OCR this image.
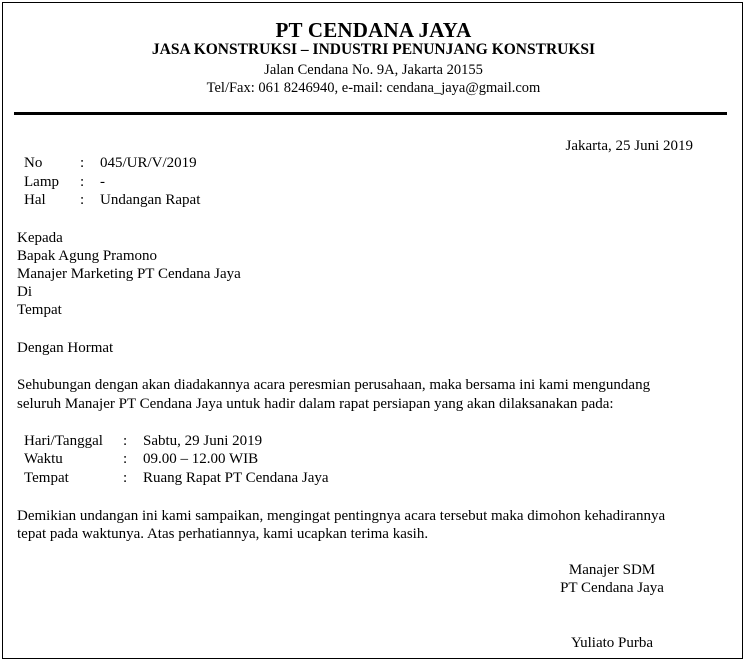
PT CENDANA JAYA
JASA KONSTRUKSI – INDUSTRI PENUNJANG KONSTRUKSI
Jalan Cendana No. 9A, Jakarta 20155
Tel/Fax: 061 8246940, e-mail: cendana_jaya@gmail.com
Jakarta, 25 Juni 2019
No	: 045/UR/V/2019
Lamp : -
Hal : Undangan Rapat
Kepada
Bapak Agung Pramono
Manajer Marketing PT Cendana Jaya
Di
Tempat
Dengan Hormat
Sehubungan dengan akan diadakannya acara peresmian perusahaan, maka bersama ini kami mengundang
seluruh Manajer PT Cendana Jaya untuk hadir dalam rapat persiapan yang akan dilaksanakan pada:
Hari/Tanggal : Sabtu, 29 Juni 2019
Waktu	: 09.00 – 12.00 WIB
Tempat	: Ruang Rapat PT Cendana Jaya
Demikian undangan ini kami sampaikan, mengingat pentingnya acara tersebut maka dimohon kehadirannya
tepat pada waktunya. Atas perhatiannya, kami ucapkan terima kasih.
Manajer SDM
PT Cendana Jaya
Yuliato Purba
